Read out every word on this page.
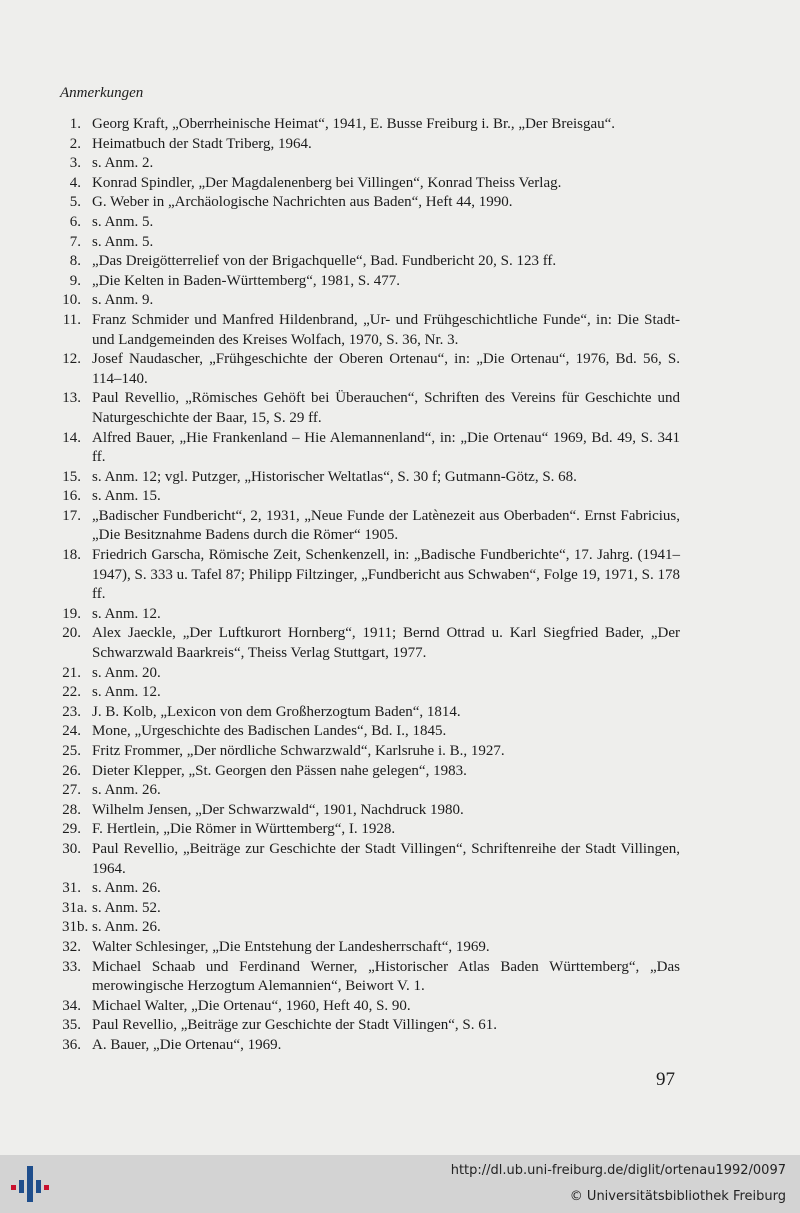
Anmerkungen
1. Georg Kraft, „Oberrheinische Heimat“, 1941, E. Busse Freiburg i. Br., „Der Breisgau“.
2. Heimatbuch der Stadt Triberg, 1964.
3. s. Anm. 2.
4. Konrad Spindler, „Der Magdalenenberg bei Villingen“, Konrad Theiss Verlag.
5. G. Weber in „Archäologische Nachrichten aus Baden“, Heft 44, 1990.
6. s. Anm. 5.
7. s. Anm. 5.
8. „Das Dreigötterrelief von der Brigachquelle“, Bad. Fundbericht 20, S. 123 ff.
9. „Die Kelten in Baden-Württemberg“, 1981, S. 477.
10. s. Anm. 9.
11. Franz Schmider und Manfred Hildenbrand, „Ur- und Frühgeschichtliche Funde“, in: Die Stadt- und Landgemeinden des Kreises Wolfach, 1970, S. 36, Nr. 3.
12. Josef Naudascher, „Frühgeschichte der Oberen Ortenau“, in: „Die Ortenau“, 1976, Bd. 56, S. 114–140.
13. Paul Revellio, „Römisches Gehöft bei Überauchen“, Schriften des Vereins für Geschichte und Naturgeschichte der Baar, 15, S. 29 ff.
14. Alfred Bauer, „Hie Frankenland – Hie Alemannenland“, in: „Die Ortenau“ 1969, Bd. 49, S. 341 ff.
15. s. Anm. 12; vgl. Putzger, „Historischer Weltatlas“, S. 30 f; Gutmann-Götz, S. 68.
16. s. Anm. 15.
17. „Badischer Fundbericht“, 2, 1931, „Neue Funde der Latènezeit aus Oberbaden“. Ernst Fabricius, „Die Besitznahme Badens durch die Römer“ 1905.
18. Friedrich Garscha, Römische Zeit, Schenkenzell, in: „Badische Fundberichte“, 17. Jahrg. (1941–1947), S. 333 u. Tafel 87; Philipp Filtzinger, „Fundbericht aus Schwaben“, Folge 19, 1971, S. 178 ff.
19. s. Anm. 12.
20. Alex Jaeckle, „Der Luftkurort Hornberg“, 1911; Bernd Ottrad u. Karl Siegfried Bader, „Der Schwarzwald Baarkreis“, Theiss Verlag Stuttgart, 1977.
21. s. Anm. 20.
22. s. Anm. 12.
23. J. B. Kolb, „Lexicon von dem Großherzogtum Baden“, 1814.
24. Mone, „Urgeschichte des Badischen Landes“, Bd. I., 1845.
25. Fritz Frommer, „Der nördliche Schwarzwald“, Karlsruhe i. B., 1927.
26. Dieter Klepper, „St. Georgen den Pässen nahe gelegen“, 1983.
27. s. Anm. 26.
28. Wilhelm Jensen, „Der Schwarzwald“, 1901, Nachdruck 1980.
29. F. Hertlein, „Die Römer in Württemberg“, I. 1928.
30. Paul Revellio, „Beiträge zur Geschichte der Stadt Villingen“, Schriftenreihe der Stadt Villingen, 1964.
31. s. Anm. 26.
31a. s. Anm. 52.
31b. s. Anm. 26.
32. Walter Schlesinger, „Die Entstehung der Landesherrschaft“, 1969.
33. Michael Schaab und Ferdinand Werner, „Historischer Atlas Baden Württemberg“, „Das merowingische Herzogtum Alemannien“, Beiwort V. 1.
34. Michael Walter, „Die Ortenau“, 1960, Heft 40, S. 90.
35. Paul Revellio, „Beiträge zur Geschichte der Stadt Villingen“, S. 61.
36. A. Bauer, „Die Ortenau“, 1969.
97
http://dl.ub.uni-freiburg.de/diglit/ortenau1992/0097
© Universitätsbibliothek Freiburg
